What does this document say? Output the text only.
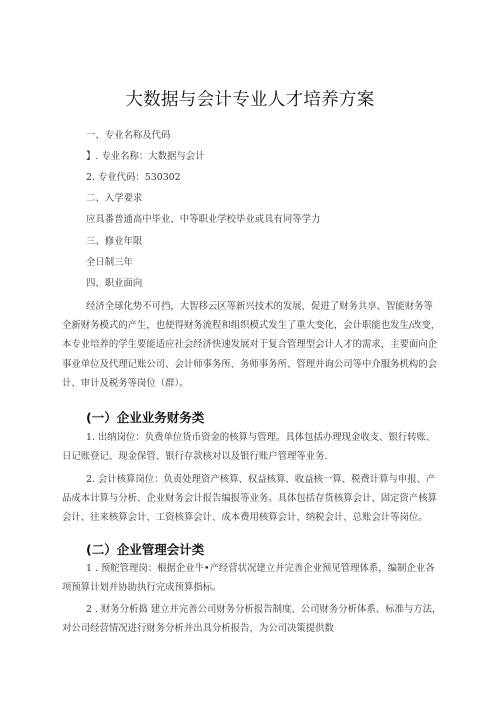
大数据与会计专业人才培养方案
一、专业名称及代码
】. 专业名称：大数据与会计
2. 专业代码：530302
二、入学要求
应具番普通高中毕业、中等职业学校毕业或具有同等学力
三、修业年限
全日制三年
四、职业面向
经济全球化势不可挡，大智移云区等新兴技术的发展，促进了财务共享、智能财务等
全新财务模式的产生，也使得财务流程和组织模式发生了重大变化，会计职能也发生/改变，
本专业培养的学生要能适应社会经济快速发展对于复合管理型会计人才的需求，主要面向企
事业单位及代理记账公司、会计师事务所、务师事务所、管理并询公司等中介服务机构的会
计、审计及税务等岗位（群）。
(一）企业业务财务类
1. 出纳岗位：负费单位货币资金的核算与管理。具体包括办理现金收支、银行转账、
日记账登记、现金保管、银行存款核对以及银行账户管理等业务.
2. 会计核算岗位：负责处理资产核算、权益核算、收益核一算、税费计算与申报、产
品成本计算与分析、企业财务会计报告编报等业务。具体包括存货核算会计、固定资产核算
会计、往来核算会计、工资核算会计、成本费用核算会计、纳税会计、总账会计等岗位。
(二）企业管理会计类
1 . 预舵管理岗：根据企业牛•产经营状况建立并完善企业预见管理体系，编制企业各
项预算计划并协助执行完成预算指标。
2 . 财务分析捣 建立并完善公司财务分析报告制度、公司财务分析体系、标准与方法，
对公司经营情况进行财务分析并出具分析报告，为公司决策提供数
